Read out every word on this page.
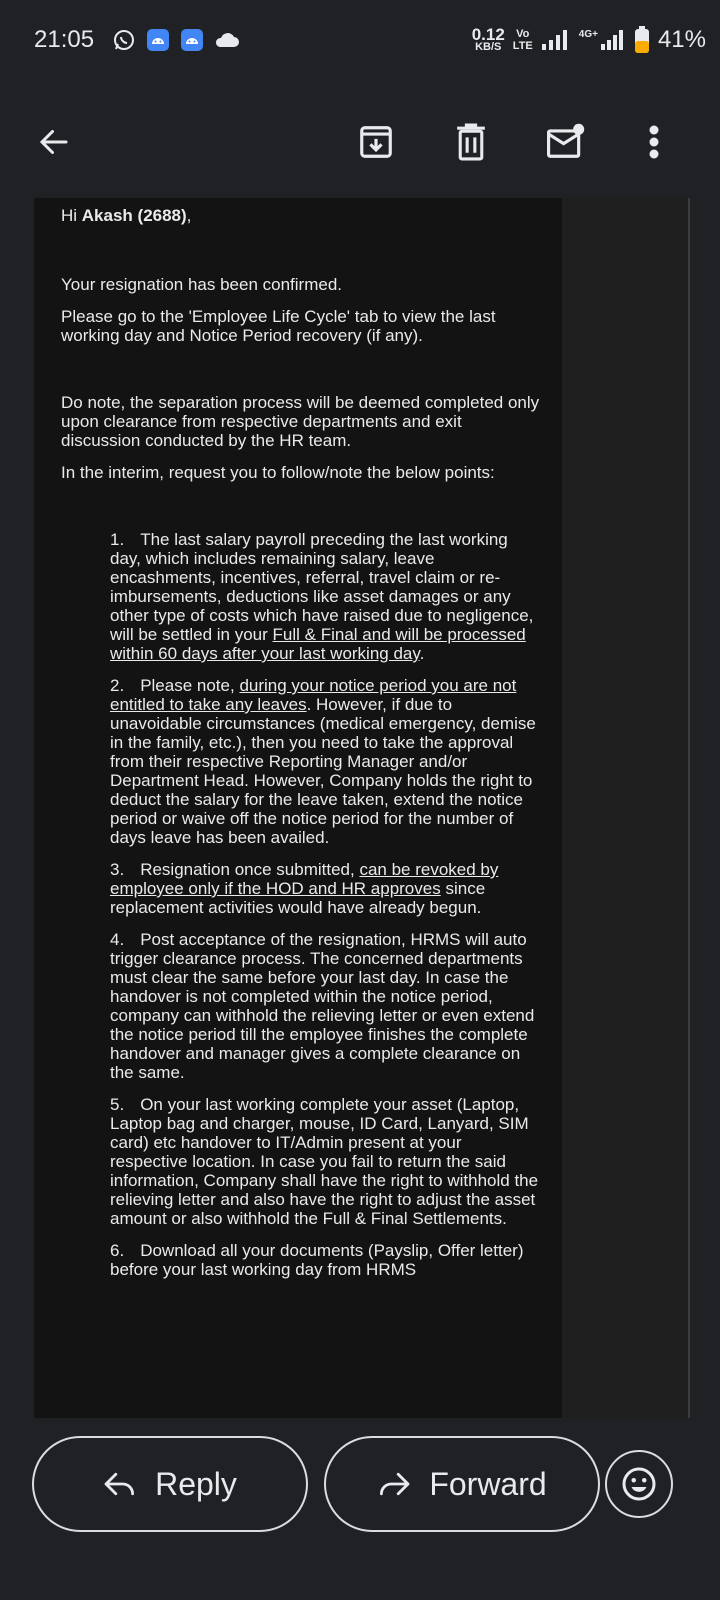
21:05	0.12
KB/S
Vo
LTE
4G+	41%

Hi Akash (2688),

Your resignation has been confirmed.

Please go to the 'Employee Life Cycle' tab to view the last working day and Notice Period recovery (if any).

Do note, the separation process will be deemed completed only upon clearance from respective departments and exit discussion conducted by the HR team.

In the interim, request you to follow/note the below points:

1. The last salary payroll preceding the last working day, which includes remaining salary, leave encashments, incentives, referral, travel claim or re-imbursements, deductions like asset damages or any other type of costs which have raised due to negligence, will be settled in your Full & Final and will be processed within 60 days after your last working day.
2. Please note, during your notice period you are not entitled to take any leaves. However, if due to unavoidable circumstances (medical emergency, demise in the family, etc.), then you need to take the approval from their respective Reporting Manager and/or Department Head. However, Company holds the right to deduct the salary for the leave taken, extend the notice period or waive off the notice period for the number of days leave has been availed.
3. Resignation once submitted, can be revoked by employee only if the HOD and HR approves since replacement activities would have already begun.
4. Post acceptance of the resignation, HRMS will auto trigger clearance process. The concerned departments must clear the same before your last day. In case the handover is not completed within the notice period, company can withhold the relieving letter or even extend the notice period till the employee finishes the complete handover and manager gives a complete clearance on the same.
5. On your last working complete your asset (Laptop, Laptop bag and charger, mouse, ID Card, Lanyard, SIM card) etc handover to IT/Admin present at your respective location. In case you fail to return the said information, Company shall have the right to withhold the relieving letter and also have the right to adjust the asset amount or also withhold the Full & Final Settlements.
6. Download all your documents (Payslip, Offer letter) before your last working day from HRMS
Reply	Forward
